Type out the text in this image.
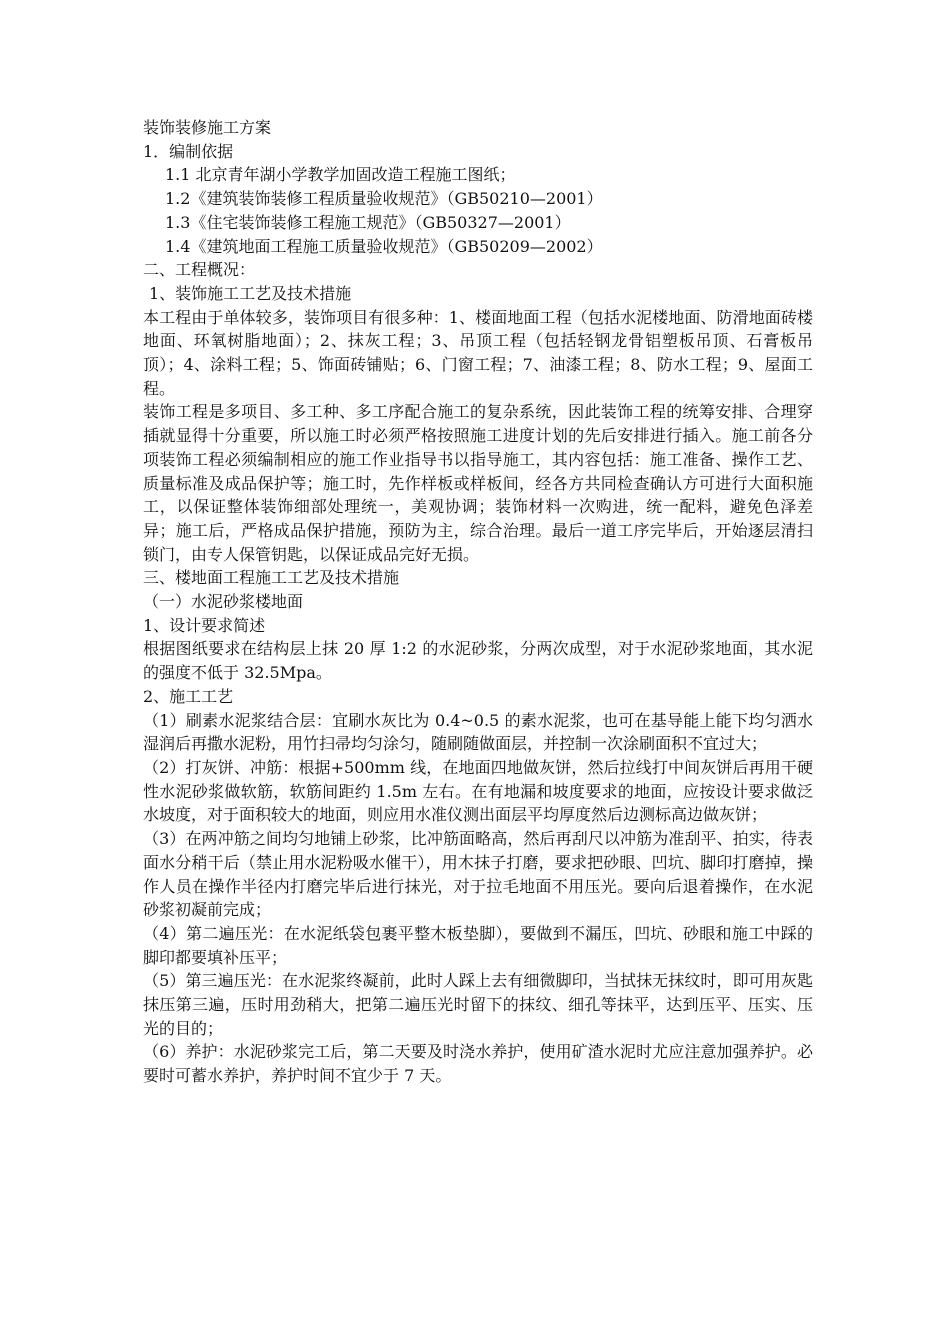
装饰装修施工方案

1．编制依据

1.1 北京青年湖小学教学加固改造工程施工图纸；

1.2《建筑装饰装修工程质量验收规范》（GB50210—2001）

1.3《住宅装饰装修工程施工规范》（GB50327—2001）

1.4《建筑地面工程施工质量验收规范》（GB50209—2002）

二、工程概况：

1、装饰施工工艺及技术措施

本工程由于单体较多，装饰项目有很多种：1、楼面地面工程（包括水泥楼地面、防滑地面砖楼地面、环氧树脂地面）；2、抹灰工程；3、吊顶工程（包括轻钢龙骨铝塑板吊顶、石膏板吊顶）；4、涂料工程；5、饰面砖铺贴；6、门窗工程；7、油漆工程；8、防水工程；9、屋面工程。

装饰工程是多项目、多工种、多工序配合施工的复杂系统，因此装饰工程的统筹安排、合理穿插就显得十分重要，所以施工时必须严格按照施工进度计划的先后安排进行插入。施工前各分项装饰工程必须编制相应的施工作业指导书以指导施工，其内容包括：施工准备、操作工艺、质量标准及成品保护等；施工时，先作样板或样板间，经各方共同检查确认方可进行大面积施工，以保证整体装饰细部处理统一，美观协调；装饰材料一次购进，统一配料，避免色泽差异；施工后，严格成品保护措施，预防为主，综合治理。最后一道工序完毕后，开始逐层清扫锁门，由专人保管钥匙，以保证成品完好无损。

三、楼地面工程施工工艺及技术措施

（一）水泥砂浆楼地面

1、设计要求简述

根据图纸要求在结构层上抹 20 厚 1:2 的水泥砂浆，分两次成型，对于水泥砂浆地面，其水泥的强度不低于 32.5Mpa。

2、施工工艺

（1）刷素水泥浆结合层：宜刷水灰比为 0.4~0.5 的素水泥浆，也可在基导能上能下均匀洒水湿润后再撒水泥粉，用竹扫帚均匀涂匀，随刷随做面层，并控制一次涂刷面积不宜过大；

（2）打灰饼、冲筋：根据+500mm 线，在地面四地做灰饼，然后拉线打中间灰饼后再用干硬性水泥砂浆做软筋，软筋间距约 1.5m 左右。在有地漏和坡度要求的地面，应按设计要求做泛水坡度，对于面积较大的地面，则应用水准仪测出面层平均厚度然后边测标高边做灰饼；

（3）在两冲筋之间均匀地铺上砂浆，比冲筋面略高，然后再刮尺以冲筋为准刮平、拍实，待表面水分稍干后（禁止用水泥粉吸水催干），用木抹子打磨，要求把砂眼、凹坑、脚印打磨掉，操作人员在操作半径内打磨完毕后进行抹光，对于拉毛地面不用压光。要向后退着操作，在水泥砂浆初凝前完成；

（4）第二遍压光：在水泥纸袋包裹平整木板垫脚），要做到不漏压，凹坑、砂眼和施工中踩的脚印都要填补压平；

（5）第三遍压光：在水泥浆终凝前，此时人踩上去有细微脚印，当拭抹无抹纹时，即可用灰匙抹压第三遍，压时用劲稍大，把第二遍压光时留下的抹纹、细孔等抹平，达到压平、压实、压光的目的；

（6）养护：水泥砂浆完工后，第二天要及时浇水养护，使用矿渣水泥时尤应注意加强养护。必要时可蓄水养护，养护时间不宜少于 7 天。
